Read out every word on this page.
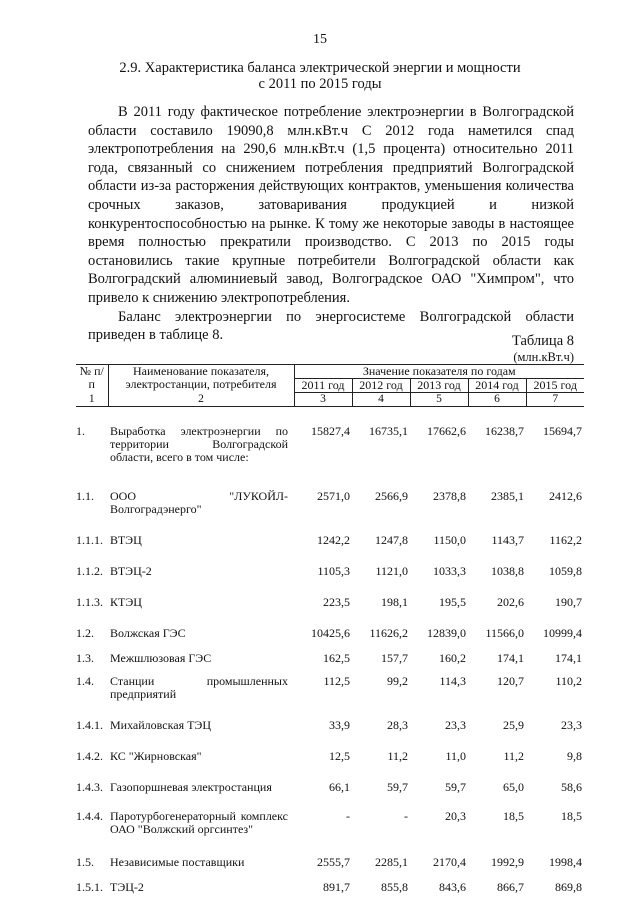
15
2.9. Характеристика баланса электрической энергии и мощности
с 2011 по 2015 годы

В 2011 году фактическое потребление электроэнергии в Волгоградской области составило 19090,8 млн.кВт.ч С 2012 года наметился спад электропотребления на 290,6 млн.кВт.ч (1,5 процента) относительно 2011 года, связанный со снижением потребления предприятий Волгоградской области из-за расторжения действующих контрактов, уменьшения количества срочных заказов, затоваривания продукцией и низкой конкурентоспособностью на рынке. К тому же некоторые заводы в настоящее время полностью прекратили производство. С 2013 по 2015 годы остановились такие крупные потребители Волгоградской области как Волгоградский алюминиевый завод, Волгоградское ОАО "Химпром", что привело к снижению электропотребления.

Баланс электроэнергии по энергосистеме Волгоградской области приведен в таблице 8.	Таблица 8
(млн.кВт.ч)
№ п/п	Наименование показателя, электростанции, потребителя	Значение показателя по годам				
		2011 год	2012 год	2013 год	2014 год	2015 год
1	2	3	4	5	6	7

1.	Выработка электроэнергии по территории Волгоградской области, всего в том числе:	15827,4	16735,1	17662,6	16238,7	15694,7

1.1.	ООО "ЛУКОЙЛ-Волгоградэнерго"	2571,0	2566,9	2378,8	2385,1	2412,6

1.1.1.	ВТЭЦ	1242,2	1247,8	1150,0	1143,7	1162,2

1.1.2.	ВТЭЦ-2	1105,3	1121,0	1033,3	1038,8	1059,8

1.1.3.	КТЭЦ	223,5	198,1	195,5	202,6	190,7

1.2.	Волжская ГЭС	10425,6	11626,2	12839,0	11566,0	10999,4

1.3.	Межшлюзовая ГЭС	162,5	157,7	160,2	174,1	174,1

1.4.	Станции промышленных предприятий	112,5	99,2	114,3	120,7	110,2

1.4.1.	Михайловская ТЭЦ	33,9	28,3	23,3	25,9	23,3

1.4.2.	КС "Жирновская"	12,5	11,2	11,0	11,2	9,8

1.4.3.	Газопоршневая электростанция	66,1	59,7	59,7	65,0	58,6

1.4.4.	Паротурбогенераторный комплекс ОАО "Волжский оргсинтез"	-	-	20,3	18,5	18,5

1.5.	Независимые поставщики	2555,7	2285,1	2170,4	1992,9	1998,4

1.5.1.	ТЭЦ-2	891,7	855,8	843,6	866,7	869,8
